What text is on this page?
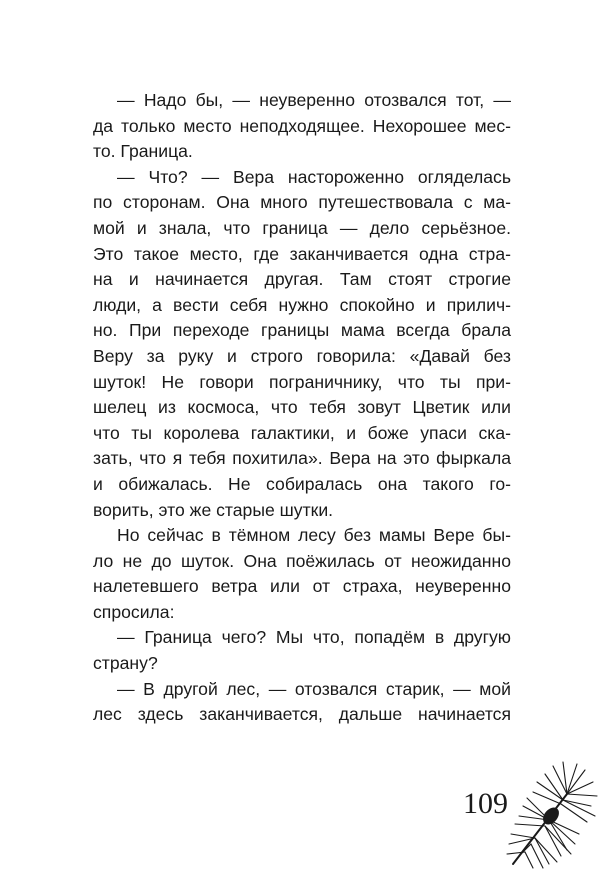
— Надо бы, — неуверенно отозвался тот, —
да только место неподходящее. Нехорошее мес-
то. Граница.
— Что? — Вера настороженно огляделась
по сторонам. Она много путешествовала с ма-
мой и знала, что граница — дело серьёзное.
Это такое место, где заканчивается одна стра-
на и начинается другая. Там стоят строгие
люди, а вести себя нужно спокойно и прилич-
но. При переходе границы мама всегда брала
Веру за руку и строго говорила: «Давай без
шуток! Не говори пограничнику, что ты при-
шелец из космоса, что тебя зовут Цветик или
что ты королева галактики, и боже упаси ска-
зать, что я тебя похитила». Вера на это фыркала
и обижалась. Не собиралась она такого го-
ворить, это же старые шутки.
Но сейчас в тёмном лесу без мамы Вере бы-
ло не до шуток. Она поёжилась от неожиданно
налетевшего ветра или от страха, неуверенно
спросила:
— Граница чего? Мы что, попадём в другую
страну?
— В другой лес, — отозвался старик, — мой
лес здесь заканчивается, дальше начинается
109
